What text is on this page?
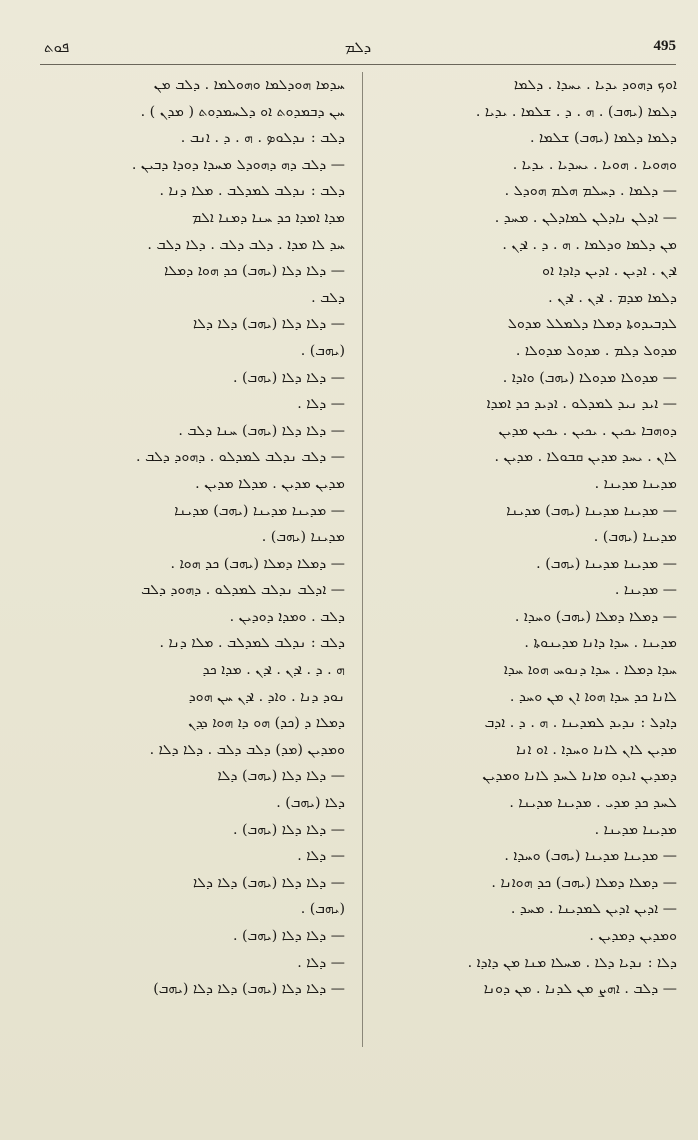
ܦܘܬ	ܕܠܡ	495
ܐܘܟ ܕܗܘܕ ܝܕܝܐ . ܝܚܕܐ . ܕܠܡܐ
ܕܠܡܐ (ܝܗܒ) . ܗ . ܕ . ܫܠܡܐ . ܝܕܝܐ .
ܕܠܡܐ ܕܠܡܐ (ܝܗܒ) ܫܠܡܐ .
ܘܗܘܝܐ . ܗܘܝܐ . ܝܚܕܝܐ . ܝܕܝܐ .
— ܕܠܡܐ . ܕܚܠܡ ܗܠܡ ܗܘܕܠ .
— ܐܕܠܢ ܢܐܕܠܢ ܠܡܐܕܠܢ . ܡܚܕ .
ܡܢ ܕܠܡܐ ܘܕܠܡܐ . ܗ . ܕ . ܐܕܢ .
ܐܕܢ . ܐܕܝܢ . ܐܕܝܢ ܕܐܕܐ ܐܘ
ܕܠܡܐ ܡܕܡ . ܐܕܢ . ܐܕܢ .
ܠܕܒܝܕܘܬܐ ܕܡܠܐ ܕܠܡܠܠ ܡܕܘܠ
ܡܕܘܠ ܕܠܡ . ܡܕܘܠ ܡܕܘܠܐ .
— ܡܕܘܠܐ ܡܕܘܠܐ (ܝܗܒ) ܘܐܕܐ .
— ܐܝܕ ܢܝܕ ܠܡܕܠܘ . ܐܕܝܕ ܟܕ ܐܡܕܐ
ܕܘܗܒܐ ܝܟܝܢ . ܝܟܝܢ . ܝܟܝܢ ܡܕܝܢ
ܠܐܢ . ܝܚܕ ܡܕܝܢ ܩܒܘܠܐ . ܡܕܝܢ .
ܡܕܝܢܐ ܡܕܝܢܐ .
— ܡܕܝܢܐ ܡܕܝܢܐ (ܝܗܒ) ܡܕܝܢܐ
ܡܕܝܢܐ (ܝܗܒ) .
— ܡܕܝܢܐ ܡܕܝܢܐ (ܝܗܒ) .
— ܡܕܝܢܐ .
— ܕܡܠܐ ܕܡܠܐ (ܝܗܒ) ܘܚܕܐ .
ܡܕܝܢܐ . ܚܕܐ ܕܐܢܐ ܡܕܝܢܘܬܐ .
ܚܕܐ ܕܡܠܐ . ܚܕܐ ܕܢܘܚ ܗܘܐ ܚܕܐ
ܠܐܢܐ ܟܕ ܚܕܐ ܗܘܐ ܐܢ ܡܢ ܘܚܕ .
ܕܐܕܠ : ܢܕܝܕ ܠܡܕܝܢܐ . ܗ . ܕ . ܐܕܒ
ܡܕܝܢ ܠܐܢ ܠܐܢܐ ܘܚܕܐ . ܐܘ ܐܢܐ
ܕܡܕܝܢ ܐܝܕܘ ܡܐܢܐ ܠܚܕ ܠܐܢܐ ܘܡܕܝܢ
ܠܚܕ ܟܕ ܡܕܝ . ܡܕܝܢܐ ܡܕܝܢܐ .
ܡܕܝܢܐ ܡܕܝܢܐ .
— ܡܕܝܢܐ ܡܕܝܢܐ (ܝܗܒ) ܘܚܕܐ .
— ܕܡܠܐ ܕܡܠܐ (ܝܗܒ) ܟܕ ܗܘܐܢܐ .
— ܐܕܝܢ ܐܕܝܢ ܠܡܕܝܢܐ . ܡܚܕ .
ܘܡܕܝܢ ܕܡܕܝܢ .
ܕܠܐ : ܢܕܝܐ ܕܠܐ . ܡܚܠܐ ܡܢܐ ܡܢ ܕܐܕܐ .
— ܕܠܒ . ܐܗܨ ܡܢ ܠܕܢܐ . ܡܢ ܕܘܢܐ
ܚܕܡܐ ܗܘܕܠܡܐ ܘܗܘܠܡܐ . ܕܠܒ ܡܢ
ܚܢ ܕܒܡܕܘܬ ܐܘ ܕܠܚܡܕܘܬ ( ܡܕܢ ) .
ܕܠܒ : ܢܕܠܘܤ . ܗ . ܕ . ܐܢܒ .
— ܕܠܒ ܕܗ ܕܗܘܕܠ ܡܚܕܐ ܕܘܕܐ ܕܒܝܢ .
ܕܠܒ : ܢܕܠܒ ܠܡܕܠܒ . ܡܠܐ ܕܢܐ .
ܡܕܐ ܐܡܕܐ ܟܕ ܚܢܐ ܕܡܢܐ ܐܠܡ
ܚܕ ܠܐ ܡܕܐ . ܕܠܒ ܕܠܒ . ܕܠܐ ܕܠܒ .
— ܕܠܐ ܕܠܐ (ܝܗܒ) ܟܕ ܗܘܐ ܕܡܠܐ
ܕܠܒ .
— ܕܠܐ ܕܠܐ (ܝܗܒ) ܕܠܐ ܕܠܐ
(ܝܗܒ) .
— ܕܠܐ ܕܠܐ (ܝܗܒ) .
— ܕܠܐ .
— ܕܠܐ ܕܠܐ (ܝܗܒ) ܚܢܐ ܕܠܒ .
— ܕܠܒ ܢܕܠܒ ܠܡܕܠܘ . ܕܗܘܕ ܕܠܒ .
ܡܕܝܢ ܡܕܝܢ . ܡܕܠܐ ܡܕܝܢ .
— ܡܕܝܢܐ ܡܕܝܢܐ (ܝܗܒ) ܡܕܝܢܐ
ܡܕܝܢܐ (ܝܗܒ) .
— ܕܡܠܐ ܕܡܠܐ (ܝܗܒ) ܟܕ ܗܘܐ .
— ܐܕܠܒ ܢܕܠܒ ܠܡܕܠܘ . ܕܗܘܕ ܕܠܒ
ܕܠܒ . ܘܡܕܐ ܕܘܕܝܢ .
ܕܠܒ : ܢܕܠܒ ܠܡܕܠܒ . ܡܠܐ ܕܢܐ .
ܗ . ܕ . ܐܕܢ . ܐܕܢ . ܡܕܐ ܟܕ
ܢܘܕ ܕܢܐ . ܘܐܕ . ܐܕܢ ܚܢ ܗܘܕ
ܕܡܠܐ ܕ (ܟܕ) ܗܘ ܕܐ ܗܘܐ ܕܕܢ
ܘܡܕܝܢ (ܡܕ) ܕܠܒ ܕܠܒ . ܕܠܐ ܕܠܐ .
— ܕܠܐ ܕܠܐ (ܝܗܒ) ܕܠܐ
ܕܠܐ (ܝܗܒ) .
— ܕܠܐ ܕܠܐ (ܝܗܒ) .
— ܕܠܐ .
— ܕܠܐ ܕܠܐ (ܝܗܒ) ܕܠܐ ܕܠܐ
(ܝܗܒ) .
— ܕܠܐ ܕܠܐ (ܝܗܒ) .
— ܕܠܐ .
— ܕܠܐ ܕܠܐ (ܝܗܒ) ܕܠܐ ܕܠܐ (ܝܗܒ)
